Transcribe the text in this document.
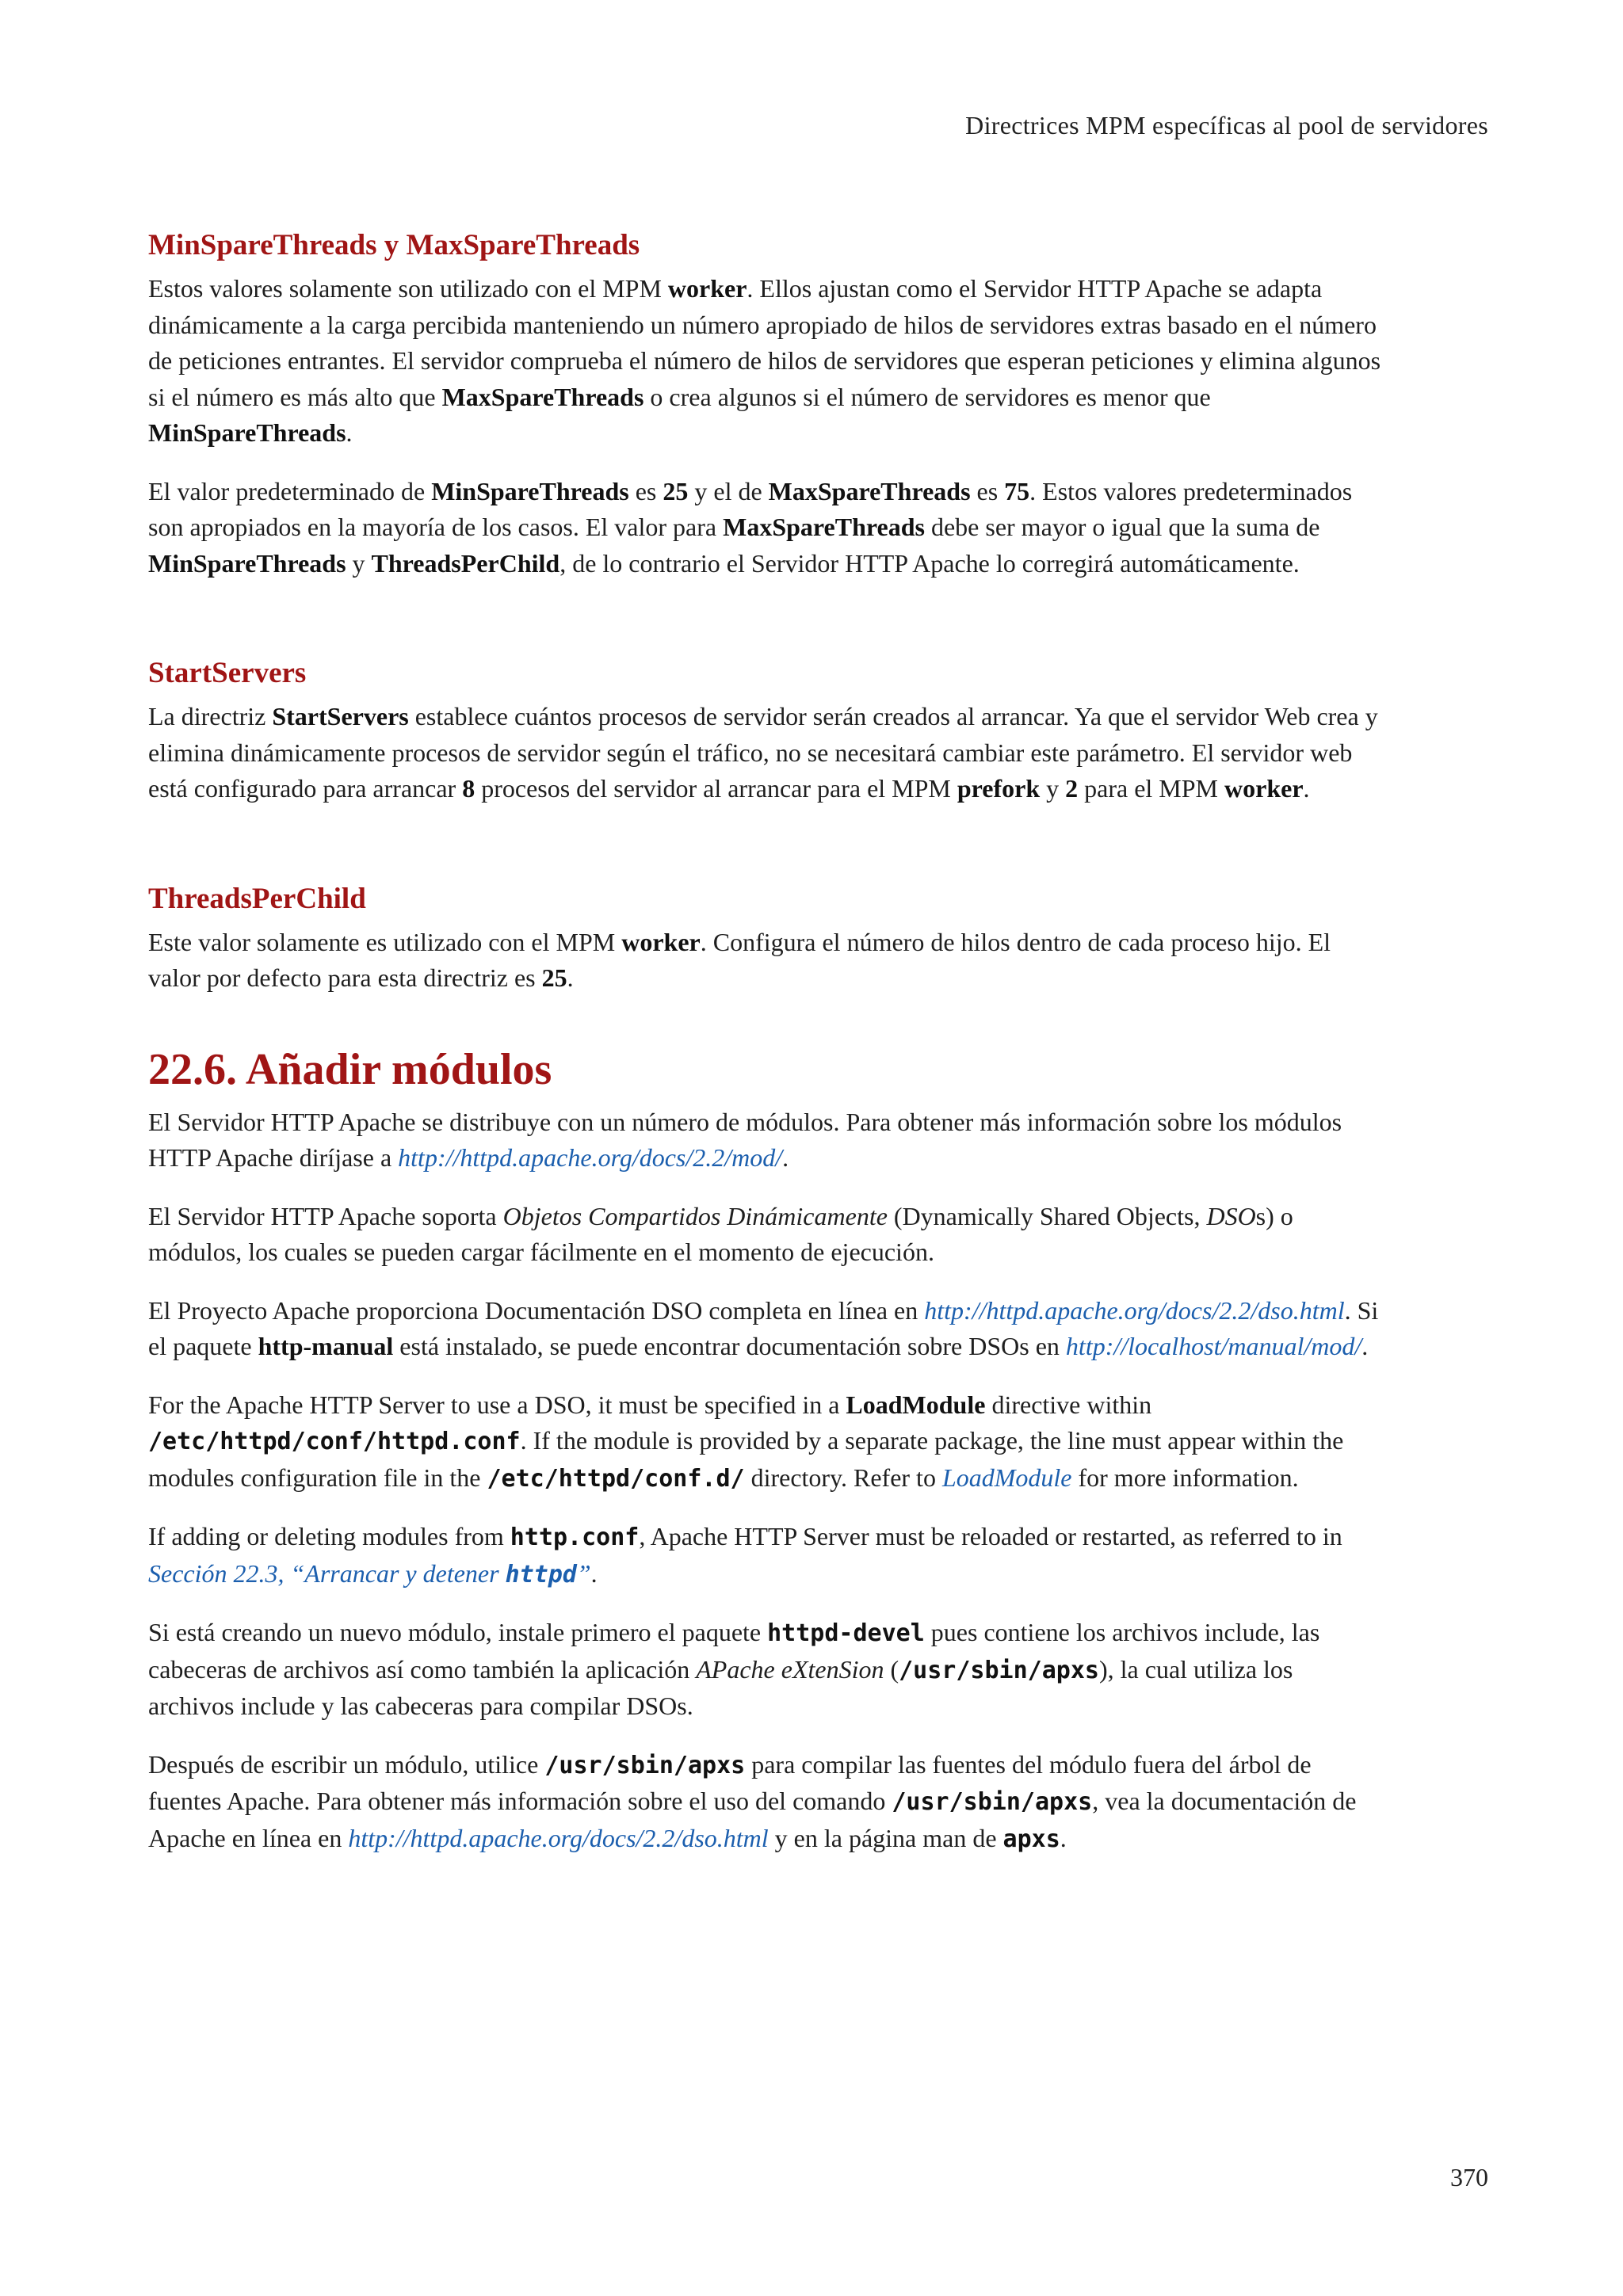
Directrices MPM específicas al pool de servidores
MinSpareThreads y MaxSpareThreads

Estos valores solamente son utilizado con el MPM worker. Ellos ajustan como el Servidor HTTP Apache se adapta dinámicamente a la carga percibida manteniendo un número apropiado de hilos de servidores extras basado en el número de peticiones entrantes. El servidor comprueba el número de hilos de servidores que esperan peticiones y elimina algunos si el número es más alto que MaxSpareThreads o crea algunos si el número de servidores es menor que MinSpareThreads.

El valor predeterminado de MinSpareThreads es 25 y el de MaxSpareThreads es 75. Estos valores predeterminados son apropiados en la mayoría de los casos. El valor para MaxSpareThreads debe ser mayor o igual que la suma de MinSpareThreads y ThreadsPerChild, de lo contrario el Servidor HTTP Apache lo corregirá automáticamente.

StartServers

La directriz StartServers establece cuántos procesos de servidor serán creados al arrancar. Ya que el servidor Web crea y elimina dinámicamente procesos de servidor según el tráfico, no se necesitará cambiar este parámetro. El servidor web está configurado para arrancar 8 procesos del servidor al arrancar para el MPM prefork y 2 para el MPM worker.

ThreadsPerChild

Este valor solamente es utilizado con el MPM worker. Configura el número de hilos dentro de cada proceso hijo. El valor por defecto para esta directriz es 25.

22.6. Añadir módulos

El Servidor HTTP Apache se distribuye con un número de módulos. Para obtener más información sobre los módulos HTTP Apache diríjase a http://httpd.apache.org/docs/2.2/mod/.

El Servidor HTTP Apache soporta Objetos Compartidos Dinámicamente (Dynamically Shared Objects, DSOs) o módulos, los cuales se pueden cargar fácilmente en el momento de ejecución.

El Proyecto Apache proporciona Documentación DSO completa en línea en http://httpd.apache.org/docs/2.2/dso.html. Si el paquete http-manual está instalado, se puede encontrar documentación sobre DSOs en http://localhost/manual/mod/.

For the Apache HTTP Server to use a DSO, it must be specified in a LoadModule directive within /etc/httpd/conf/httpd.conf. If the module is provided by a separate package, the line must appear within the modules configuration file in the /etc/httpd/conf.d/ directory. Refer to LoadModule for more information.

If adding or deleting modules from http.conf, Apache HTTP Server must be reloaded or restarted, as referred to in Sección 22.3, “Arrancar y detener httpd”.

Si está creando un nuevo módulo, instale primero el paquete httpd-devel pues contiene los archivos include, las cabeceras de archivos así como también la aplicación APache eXtenSion (/usr/sbin/apxs), la cual utiliza los archivos include y las cabeceras para compilar DSOs.

Después de escribir un módulo, utilice /usr/sbin/apxs para compilar las fuentes del módulo fuera del árbol de fuentes Apache. Para obtener más información sobre el uso del comando /usr/sbin/apxs, vea la documentación de Apache en línea en http://httpd.apache.org/docs/2.2/dso.html y en la página man de apxs.

370
